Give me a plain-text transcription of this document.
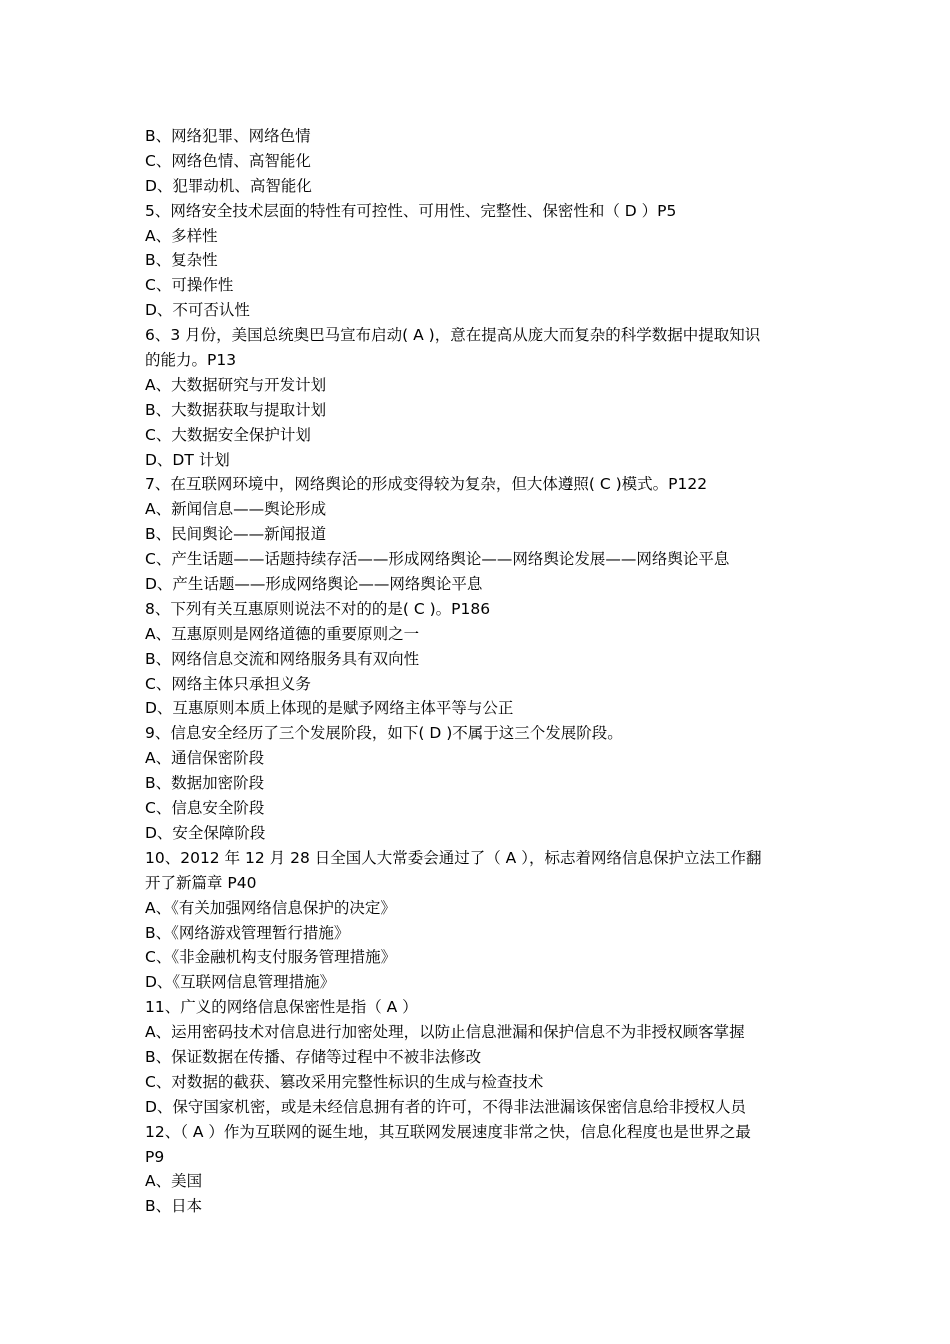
B、网络犯罪、网络色情
C、网络色情、高智能化
D、犯罪动机、高智能化
5、网络安全技术层面的特性有可控性、可用性、完整性、保密性和（ D ）P5
A、多样性
B、复杂性
C、可操作性
D、不可否认性
6、3 月份，美国总统奥巴马宣布启动( A )，意在提高从庞大而复杂的科学数据中提取知识
的能力。P13
A、大数据研究与开发计划
B、大数据获取与提取计划
C、大数据安全保护计划
D、DT 计划
7、在互联网环境中，网络舆论的形成变得较为复杂，但大体遵照( C )模式。P122
A、新闻信息——舆论形成
B、民间舆论——新闻报道
C、产生话题——话题持续存活——形成网络舆论——网络舆论发展——网络舆论平息
D、产生话题——形成网络舆论——网络舆论平息
8、下列有关互惠原则说法不对的的是( C )。P186
A、互惠原则是网络道德的重要原则之一
B、网络信息交流和网络服务具有双向性
C、网络主体只承担义务
D、互惠原则本质上体现的是赋予网络主体平等与公正
9、信息安全经历了三个发展阶段，如下( D )不属于这三个发展阶段。
A、通信保密阶段
B、数据加密阶段
C、信息安全阶段
D、安全保障阶段
10、2012 年 12 月 28 日全国人大常委会通过了（ A ），标志着网络信息保护立法工作翻
开了新篇章 P40
A、《有关加强网络信息保护的决定》
B、《网络游戏管理暂行措施》
C、《非金融机构支付服务管理措施》
D、《互联网信息管理措施》
11、广义的网络信息保密性是指（ A ）
A、运用密码技术对信息进行加密处理，以防止信息泄漏和保护信息不为非授权顾客掌握
B、保证数据在传播、存储等过程中不被非法修改
C、对数据的截获、篡改采用完整性标识的生成与检查技术
D、保守国家机密，或是未经信息拥有者的许可，不得非法泄漏该保密信息给非授权人员
12、（ A ）作为互联网的诞生地，其互联网发展速度非常之快，信息化程度也是世界之最
P9
A、美国
B、日本
